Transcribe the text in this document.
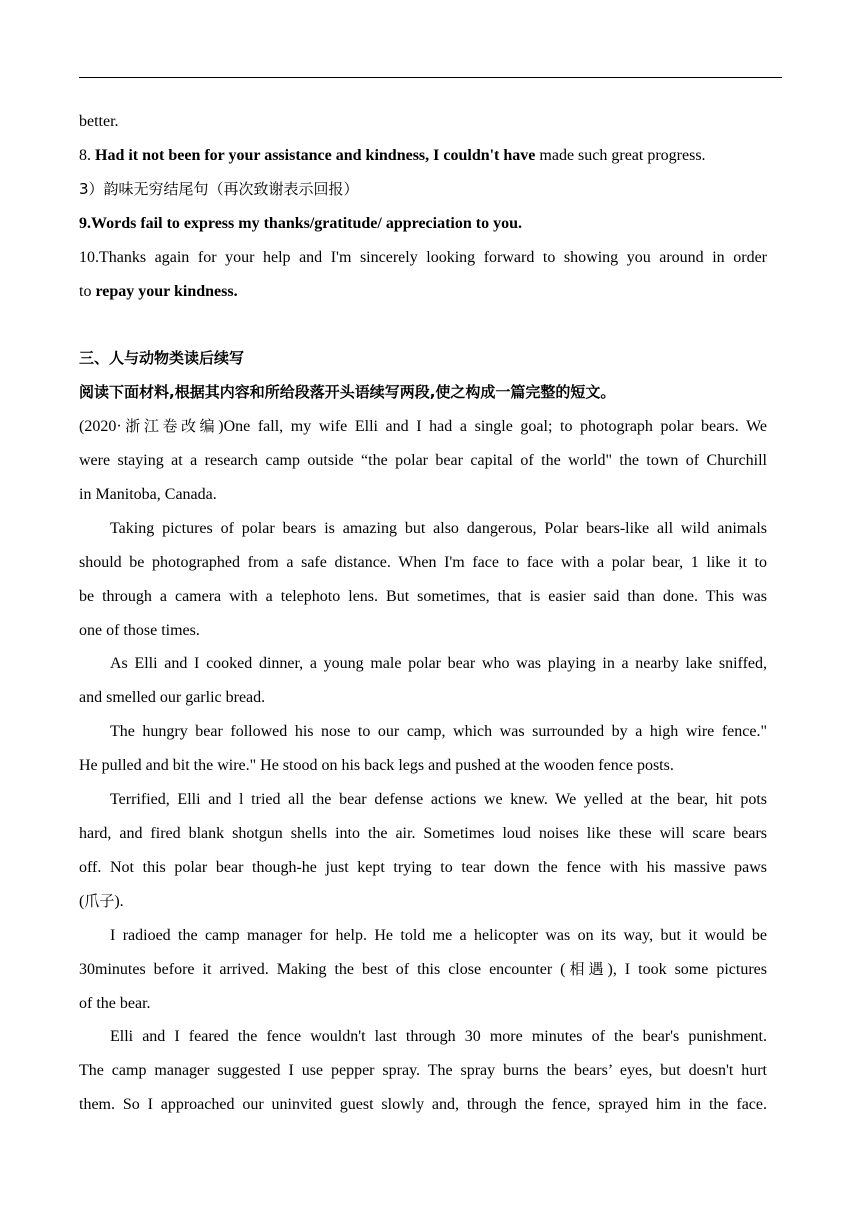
better.
8. Had it not been for your assistance and kindness, I couldn't have made such great progress.
3）韵味无穷结尾句（再次致谢表示回报）
9.Words fail to express my thanks/gratitude/ appreciation to you.
10.Thanks again for your help and I'm sincerely looking forward to showing you around in order
to repay your kindness.
三、人与动物类读后续写
阅读下面材料,根据其内容和所给段落开头语续写两段,使之构成一篇完整的短文。
(2020·浙江卷改编)One fall, my wife Elli and I had a single goal; to photograph polar bears. We
were staying at a research camp outside “the polar bear capital of the world" the town of Churchill
in Manitoba, Canada.
Taking pictures of polar bears is amazing but also dangerous, Polar bears-like all wild animals
should be photographed from a safe distance. When I'm face to face with a polar bear, 1 like it to
be through a camera with a telephoto lens. But sometimes, that is easier said than done. This was
one of those times.
As Elli and I cooked dinner, a young male polar bear who was playing in a nearby lake sniffed,
and smelled our garlic bread.
The hungry bear followed his nose to our camp, which was surrounded by a high wire fence."
He pulled and bit the wire." He stood on his back legs and pushed at the wooden fence posts.
Terrified, Elli and l tried all the bear defense actions we knew. We yelled at the bear, hit pots
hard, and fired blank shotgun shells into the air. Sometimes loud noises like these will scare bears
off. Not this polar bear though-he just kept trying to tear down the fence with his massive paws
(爪子).
I radioed the camp manager for help. He told me a helicopter was on its way, but it would be
30minutes before it arrived. Making the best of this close encounter (相遇), I took some pictures
of the bear.
Elli and I feared the fence wouldn't last through 30 more minutes of the bear's punishment.
The camp manager suggested I use pepper spray. The spray burns the bears’ eyes, but doesn't hurt
them. So I approached our uninvited guest slowly and, through the fence, sprayed him in the face.
